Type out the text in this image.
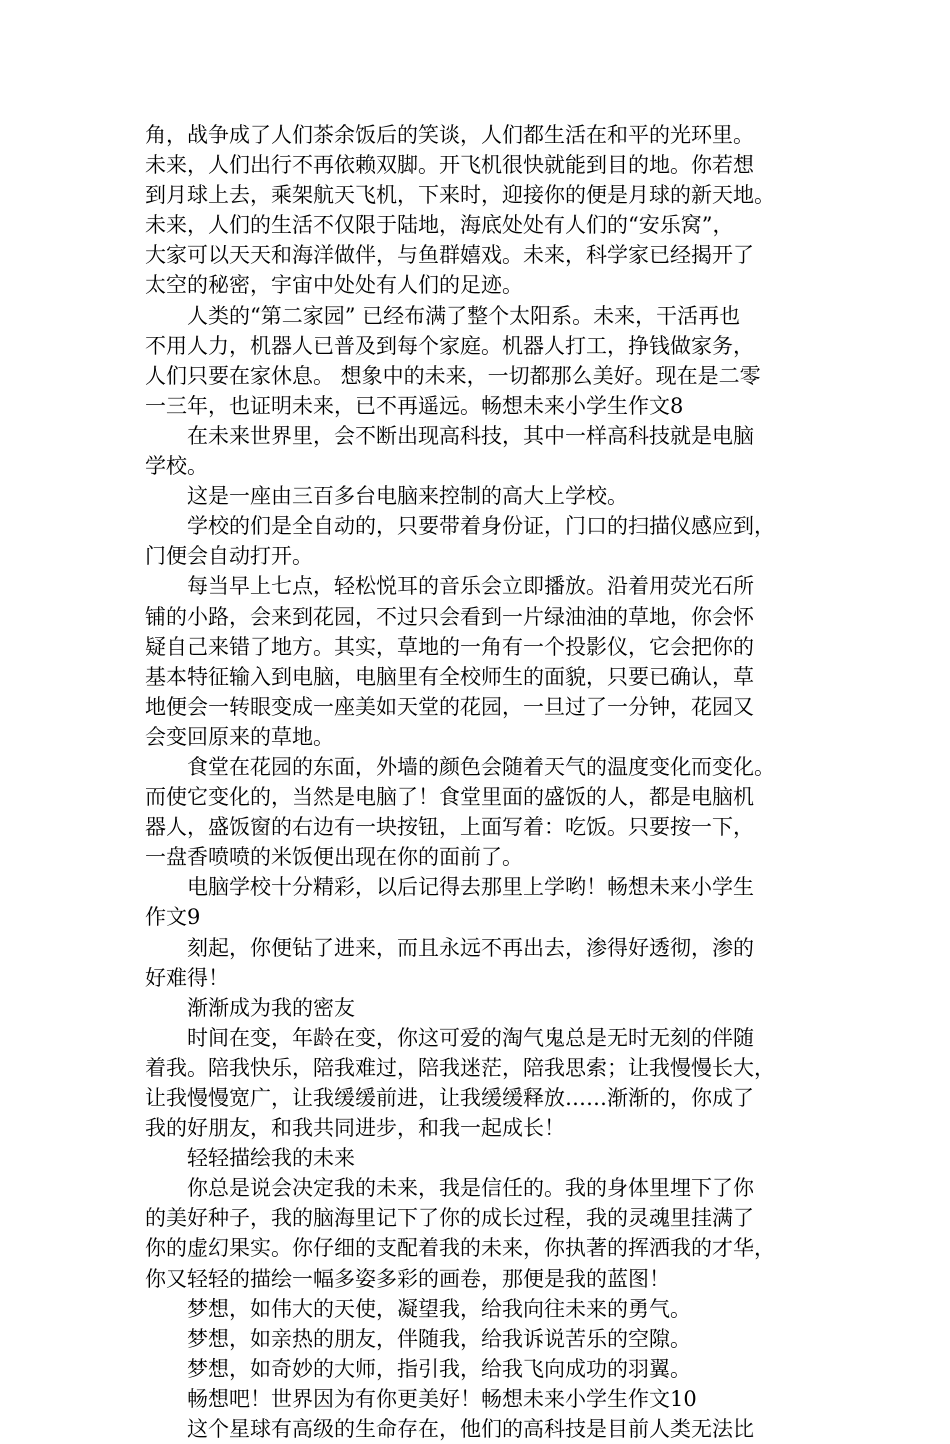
角，战争成了人们茶余饭后的笑谈，人们都生活在和平的光环里。
未来，人们出行不再依赖双脚。开飞机很快就能到目的地。你若想
到月球上去，乘架航天飞机，下来时，迎接你的便是月球的新天地。
未来，人们的生活不仅限于陆地，海底处处有人们的“安乐窝”，
大家可以天天和海洋做伴，与鱼群嬉戏。未来，科学家已经揭开了
太空的秘密，宇宙中处处有人们的足迹。
人类的“第二家园” 已经布满了整个太阳系。未来，干活再也
不用人力，机器人已普及到每个家庭。机器人打工，挣钱做家务，
人们只要在家休息。 想象中的未来，一切都那么美好。现在是二零
一三年，也证明未来，已不再遥远。畅想未来小学生作文8
在未来世界里，会不断出现高科技，其中一样高科技就是电脑
学校。
这是一座由三百多台电脑来控制的高大上学校。
学校的们是全自动的，只要带着身份证，门口的扫描仪感应到，
门便会自动打开。
每当早上七点，轻松悦耳的音乐会立即播放。沿着用荧光石所
铺的小路，会来到花园，不过只会看到一片绿油油的草地，你会怀
疑自己来错了地方。其实，草地的一角有一个投影仪，它会把你的
基本特征输入到电脑，电脑里有全校师生的面貌，只要已确认，草
地便会一转眼变成一座美如天堂的花园，一旦过了一分钟，花园又
会变回原来的草地。
食堂在花园的东面，外墙的颜色会随着天气的温度变化而变化。
而使它变化的，当然是电脑了！食堂里面的盛饭的人，都是电脑机
器人，盛饭窗的右边有一块按钮，上面写着：吃饭。只要按一下，
一盘香喷喷的米饭便出现在你的面前了。
电脑学校十分精彩，以后记得去那里上学哟！畅想未来小学生
作文9
刻起，你便钻了进来，而且永远不再出去，渗得好透彻，渗的
好难得！
渐渐成为我的密友
时间在变，年龄在变，你这可爱的淘气鬼总是无时无刻的伴随
着我。陪我快乐，陪我难过，陪我迷茫，陪我思索；让我慢慢长大，
让我慢慢宽广，让我缓缓前进，让我缓缓释放……渐渐的，你成了
我的好朋友，和我共同进步，和我一起成长！
轻轻描绘我的未来
你总是说会决定我的未来，我是信任的。我的身体里埋下了你
的美好种子，我的脑海里记下了你的成长过程，我的灵魂里挂满了
你的虚幻果实。你仔细的支配着我的未来，你执著的挥洒我的才华，
你又轻轻的描绘一幅多姿多彩的画卷，那便是我的蓝图！
梦想，如伟大的天使，凝望我，给我向往未来的勇气。
梦想，如亲热的朋友，伴随我，给我诉说苦乐的空隙。
梦想，如奇妙的大师，指引我，给我飞向成功的羽翼。
畅想吧！世界因为有你更美好！畅想未来小学生作文10
这个星球有高级的生命存在，他们的高科技是目前人类无法比
